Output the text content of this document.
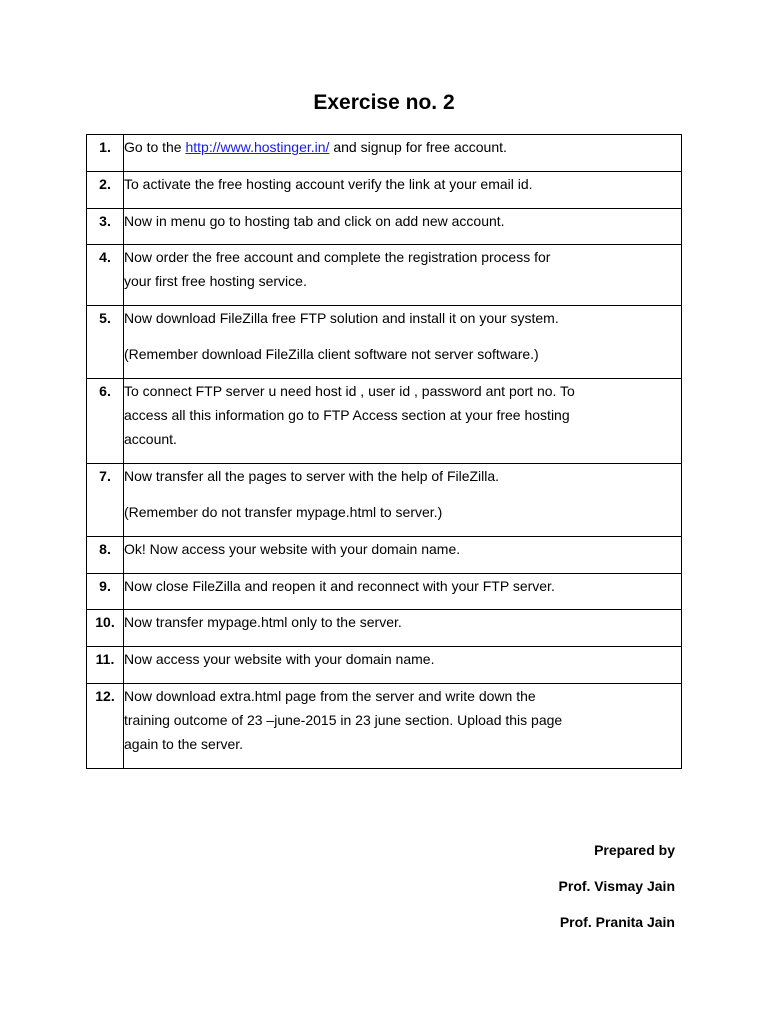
Exercise no. 2
1.	Go to the http://www.hostinger.in/ and signup for free account.

2.	To activate the free hosting account verify the link at your email id.

3.	Now in menu go to hosting tab and click on add new account.

4.	Now order the free account and complete the registration process for
your first free hosting service.

5.	Now download FileZilla free FTP solution and install it on your system.
(Remember download FileZilla client software not server software.)

6.	To connect FTP server u need host id , user id , password ant port no. To
access all this information go to FTP Access section at your free hosting
account.

7.	Now transfer all the pages to server with the help of FileZilla.
(Remember do not transfer mypage.html to server.)

8.	Ok! Now access your website with your domain name.

9.	Now close FileZilla and reopen it and reconnect with your FTP server.

10.	Now transfer mypage.html only to the server.

11.	Now access your website with your domain name.

12.	Now download extra.html page from the server and write down the
training outcome of 23 –june-2015 in 23 june section. Upload this page
again to the server.
Prepared by
Prof. Vismay Jain
Prof. Pranita Jain
